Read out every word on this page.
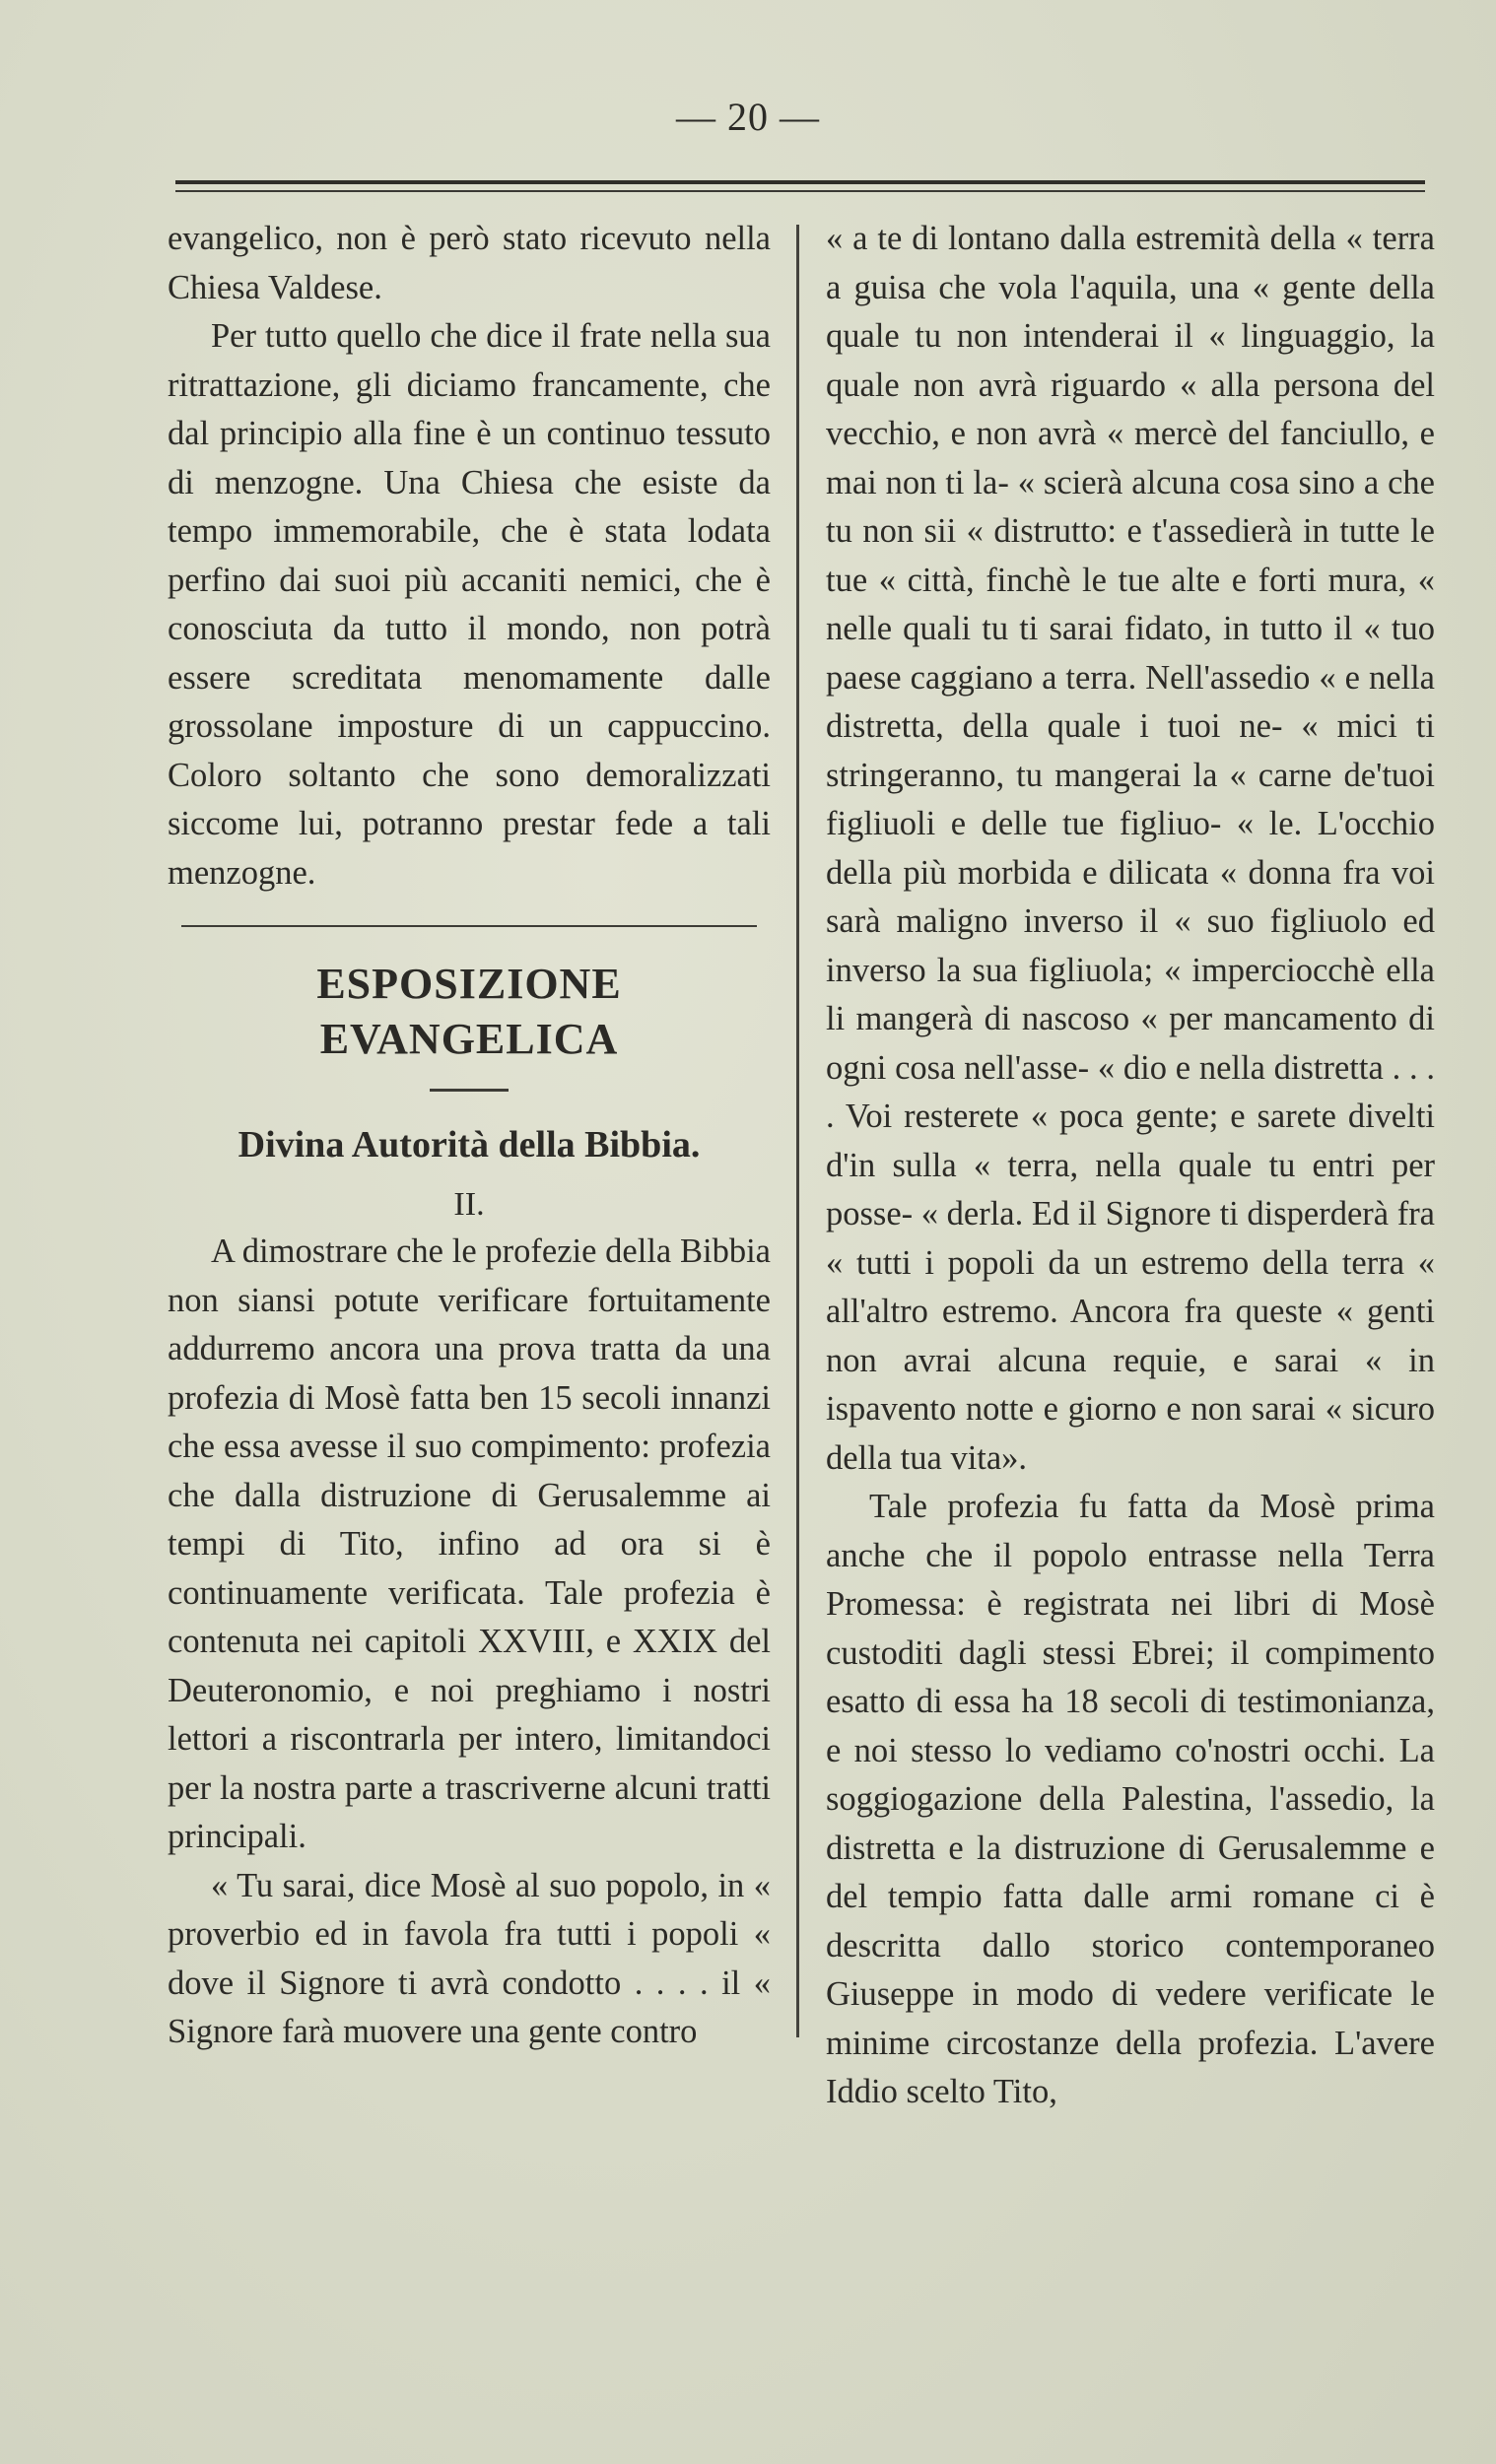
— 20 —

evangelico, non è però stato ricevuto nella Chiesa Valdese.

Per tutto quello che dice il frate nella sua ritrattazione, gli diciamo francamente, che dal principio alla fine è un continuo tessuto di menzogne. Una Chiesa che esiste da tempo immemorabile, che è stata lodata perfino dai suoi più accaniti nemici, che è conosciuta da tutto il mondo, non potrà essere screditata menomamente dalle grossolane imposture di un cappuccino. Coloro soltanto che sono demoralizzati siccome lui, potranno prestar fede a tali menzogne.

ESPOSIZIONE EVANGELICA
Divina Autorità della Bibbia.
II.

A dimostrare che le profezie della Bibbia non siansi potute verificare fortuitamente addurremo ancora una prova tratta da una profezia di Mosè fatta ben 15 secoli innanzi che essa avesse il suo compimento: profezia che dalla distruzione di Gerusalemme ai tempi di Tito, infino ad ora si è continuamente verificata. Tale profezia è contenuta nei capitoli XXVIII, e XXIX del Deuteronomio, e noi preghiamo i nostri lettori a riscontrarla per intero, limitandoci per la nostra parte a trascriverne alcuni tratti principali.

« Tu sarai, dice Mosè al suo popolo, in « proverbio ed in favola fra tutti i popoli « dove il Signore ti avrà condotto . . . . il « Signore farà muovere una gente contro

« a te di lontano dalla estremità della « terra a guisa che vola l'aquila, una « gente della quale tu non intenderai il « linguaggio, la quale non avrà riguardo « alla persona del vecchio, e non avrà « mercè del fanciullo, e mai non ti la- « scierà alcuna cosa sino a che tu non sii « distrutto: e t'assedierà in tutte le tue « città, finchè le tue alte e forti mura, « nelle quali tu ti sarai fidato, in tutto il « tuo paese caggiano a terra. Nell'assedio « e nella distretta, della quale i tuoi ne- « mici ti stringeranno, tu mangerai la « carne de'tuoi figliuoli e delle tue figliuo- « le. L'occhio della più morbida e dilicata « donna fra voi sarà maligno inverso il « suo figliuolo ed inverso la sua figliuola; « imperciocchè ella li mangerà di nascoso « per mancamento di ogni cosa nell'asse- « dio e nella distretta . . . . Voi resterete « poca gente; e sarete divelti d'in sulla « terra, nella quale tu entri per posse- « derla. Ed il Signore ti disperderà fra « tutti i popoli da un estremo della terra « all'altro estremo. Ancora fra queste « genti non avrai alcuna requie, e sarai « in ispavento notte e giorno e non sarai « sicuro della tua vita».

Tale profezia fu fatta da Mosè prima anche che il popolo entrasse nella Terra Promessa: è registrata nei libri di Mosè custoditi dagli stessi Ebrei; il compimento esatto di essa ha 18 secoli di testimonianza, e noi stesso lo vediamo co'nostri occhi. La soggiogazione della Palestina, l'assedio, la distretta e la distruzione di Gerusalemme e del tempio fatta dalle armi romane ci è descritta dallo storico contemporaneo Giuseppe in modo di vedere verificate le minime circostanze della profezia. L'avere Iddio scelto Tito,
